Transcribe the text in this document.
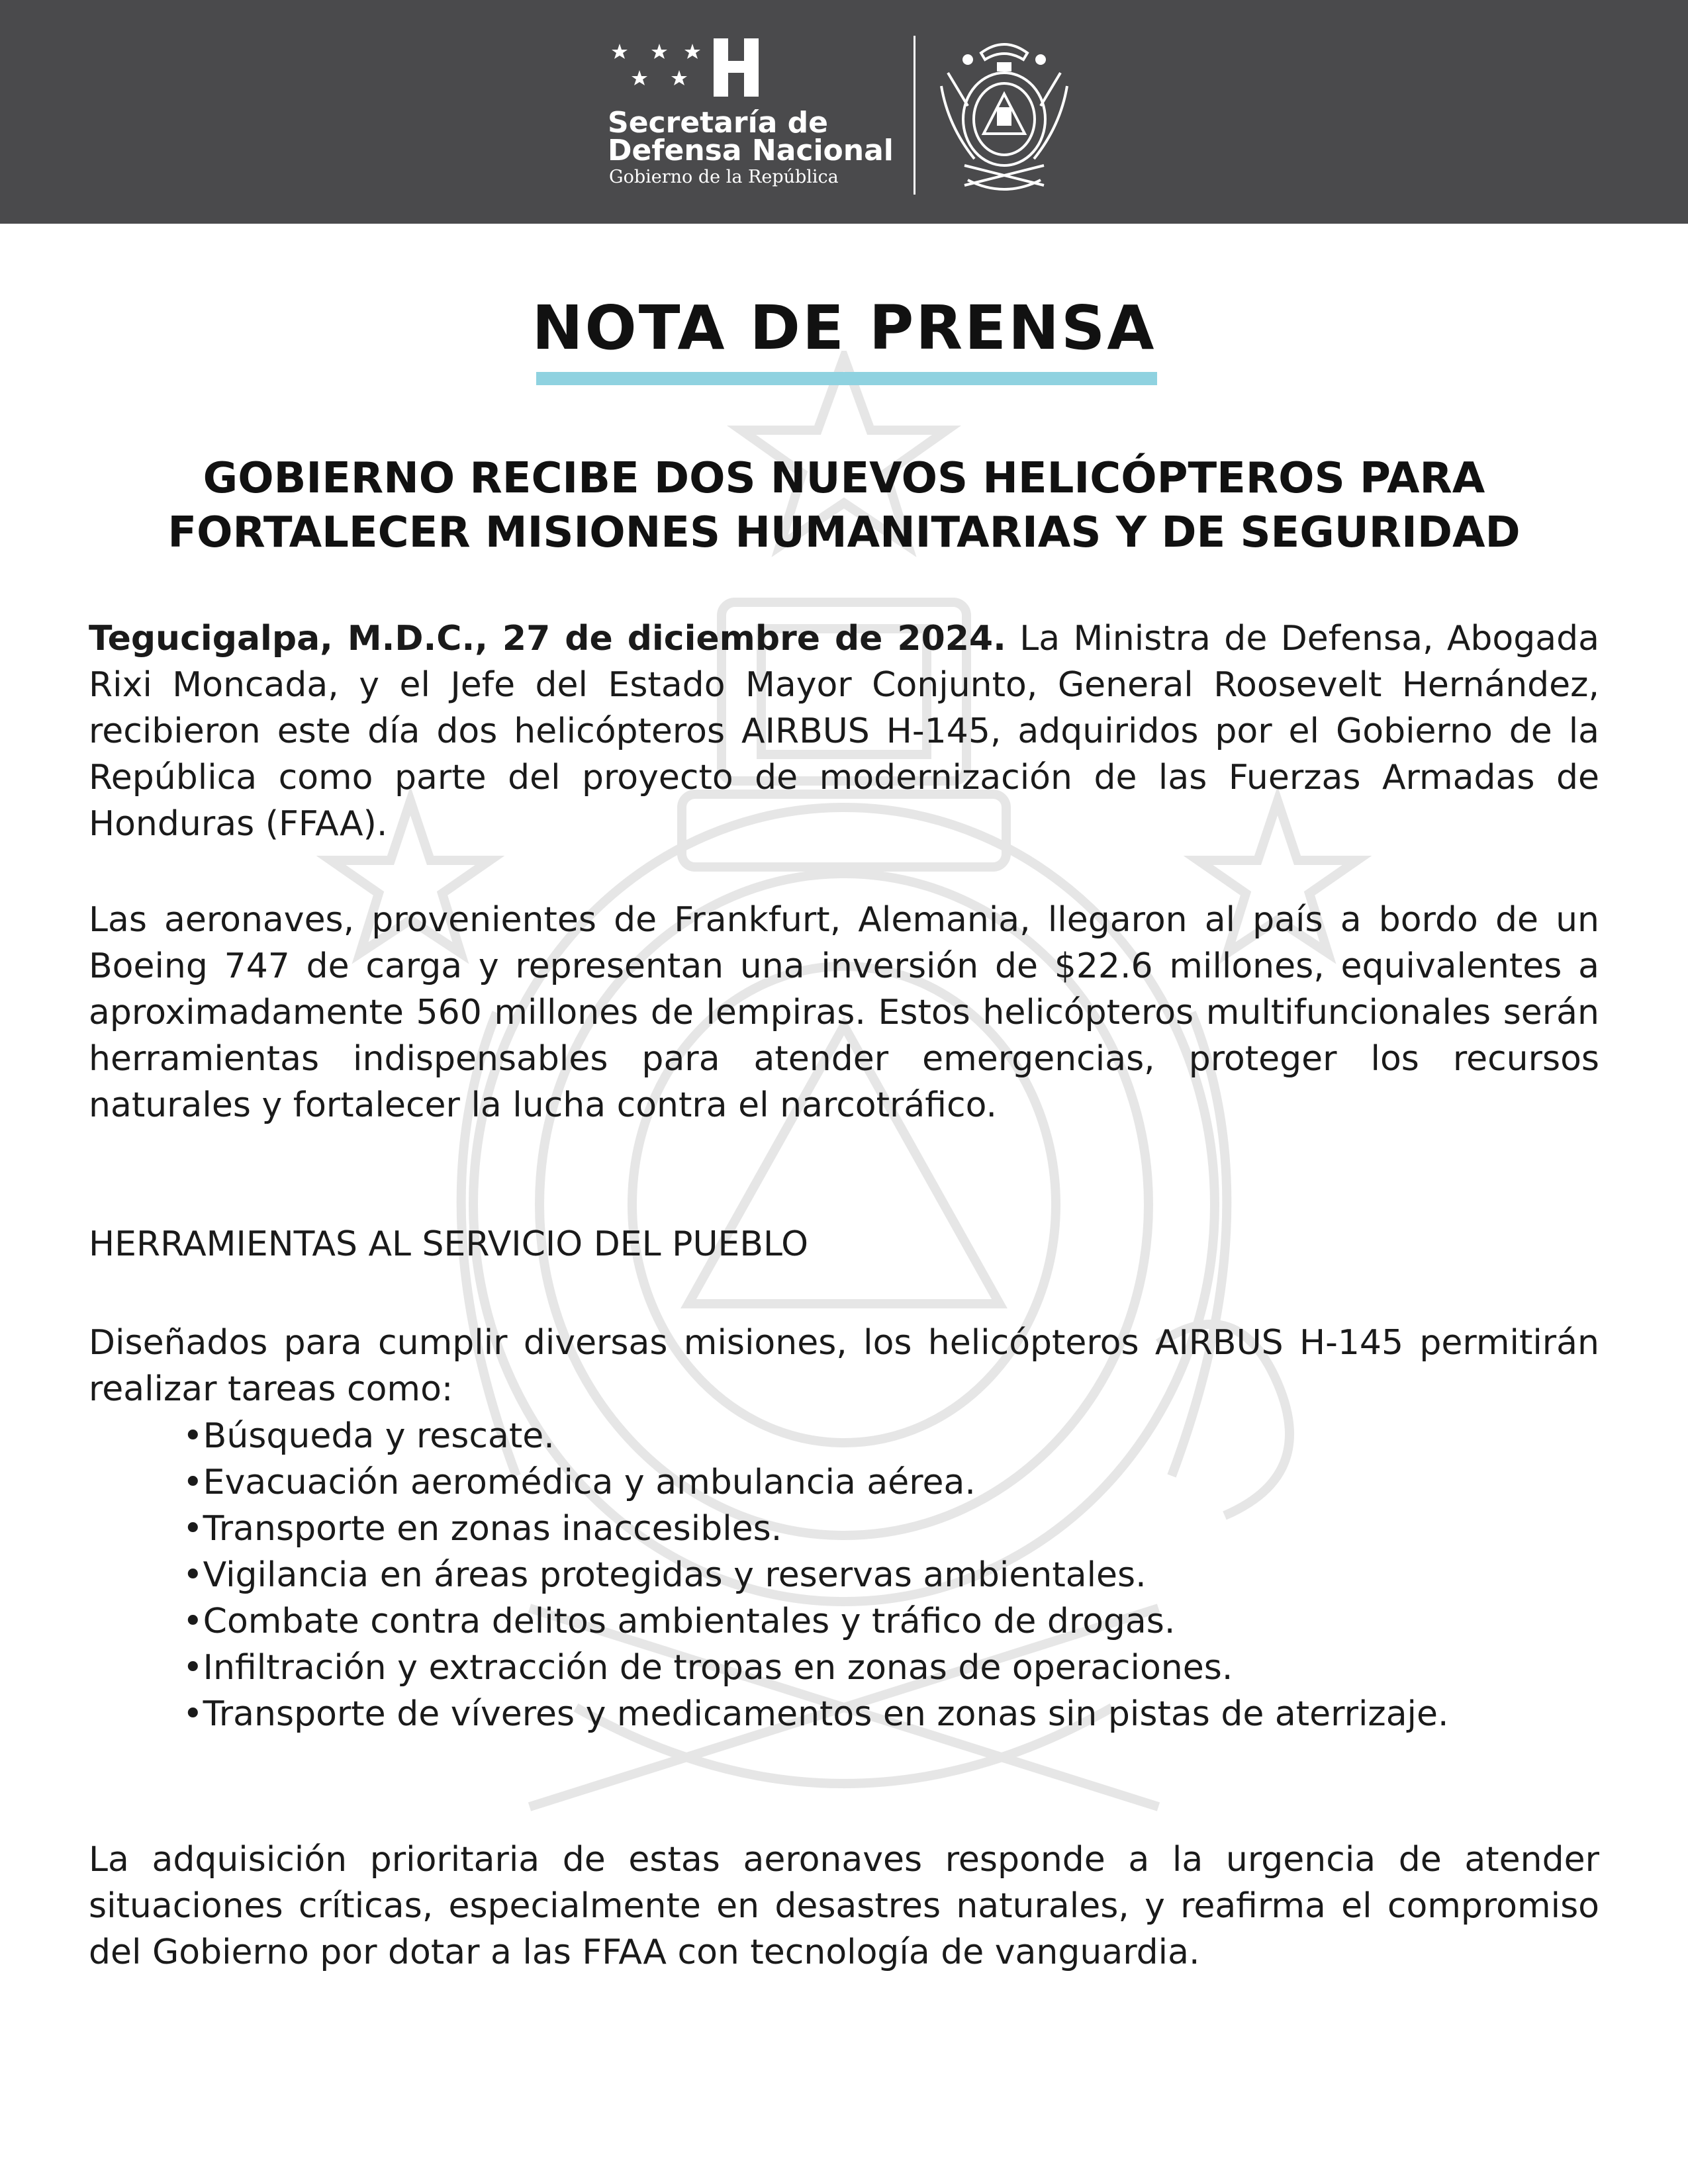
Secretaría de
Defensa Nacional
Gobierno de la República
NOTA DE PRENSA
GOBIERNO RECIBE DOS NUEVOS HELICÓPTEROS PARA FORTALECER MISIONES HUMANITARIAS Y DE SEGURIDAD

Tegucigalpa, M.D.C., 27 de diciembre de 2024. La Ministra de Defensa, Abogada Rixi Moncada, y el Jefe del Estado Mayor Conjunto, General Roosevelt Hernández, recibieron este día dos helicópteros AIRBUS H-145, adquiridos por el Gobierno de la República como parte del proyecto de modernización de las Fuerzas Armadas de Honduras (FFAA).

Las aeronaves, provenientes de Frankfurt, Alemania, llegaron al país a bordo de un Boeing 747 de carga y representan una inversión de $22.6 millones, equivalentes a aproximadamente 560 millones de lempiras. Estos helicópteros multifuncionales serán herramientas indispensables para atender emergencias, proteger los recursos naturales y fortalecer la lucha contra el narcotráfico.

HERRAMIENTAS AL SERVICIO DEL PUEBLO

Diseñados para cumplir diversas misiones, los helicópteros AIRBUS H-145 permitirán realizar tareas como:

•Búsqueda y rescate.
•Evacuación aeromédica y ambulancia aérea.
•Transporte en zonas inaccesibles.
•Vigilancia en áreas protegidas y reservas ambientales.
•Combate contra delitos ambientales y tráfico de drogas.
•Infiltración y extracción de tropas en zonas de operaciones.
•Transporte de víveres y medicamentos en zonas sin pistas de aterrizaje.

La adquisición prioritaria de estas aeronaves responde a la urgencia de atender situaciones críticas, especialmente en desastres naturales, y reafirma el compromiso del Gobierno por dotar a las FFAA con tecnología de vanguardia.
